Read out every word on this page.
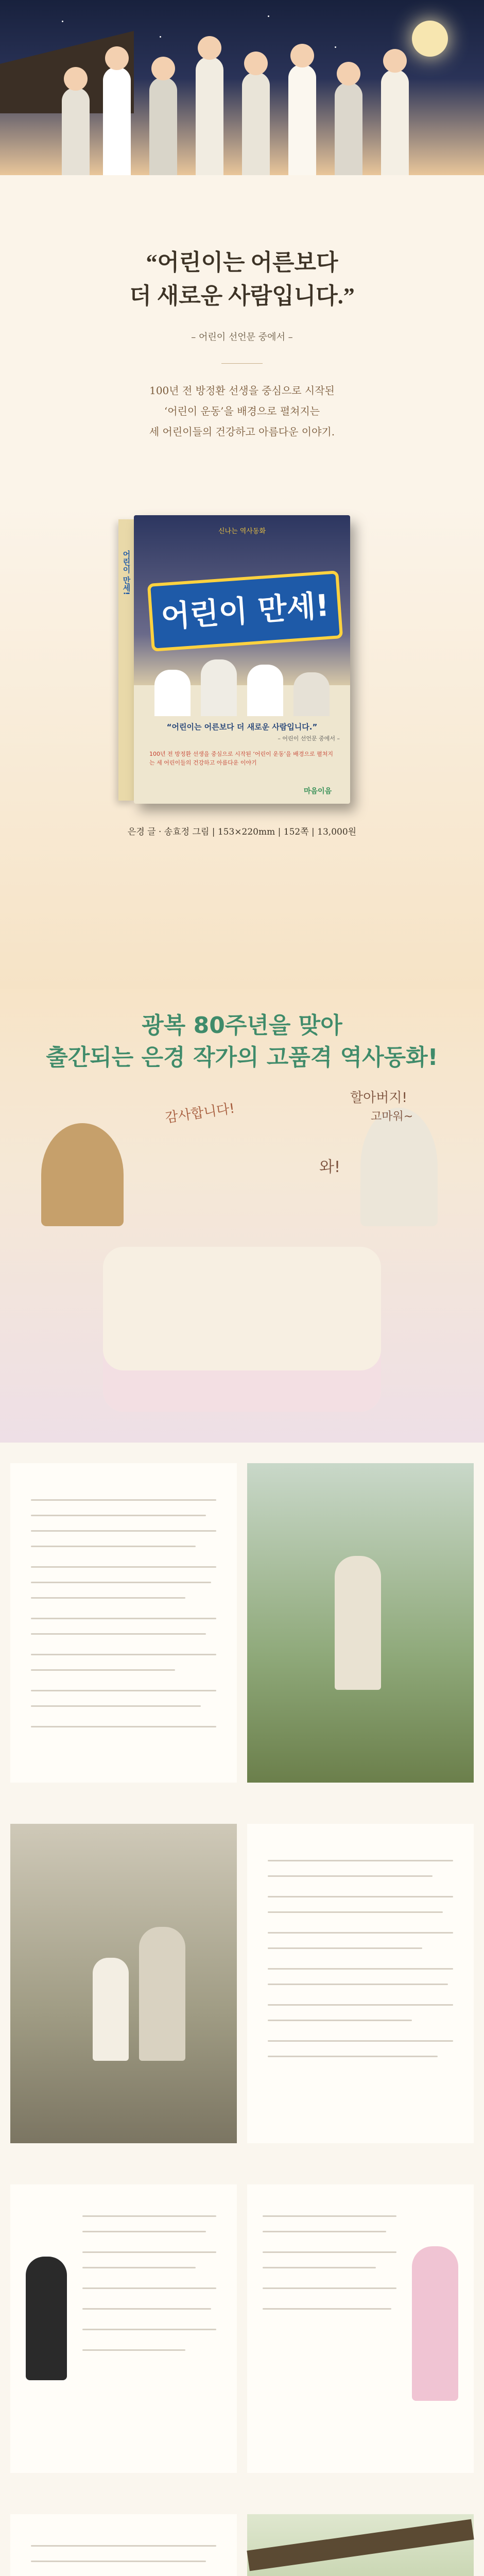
“어린이는 어른보다
더 새로운 사람입니다.”
– 어린이 선언문 중에서 –
100년 전 방정환 선생을 중심으로 시작된
‘어린이 운동’을 배경으로 펼쳐지는
세 어린이들의 건강하고 아름다운 이야기.
어린이 만세!
신나는 역사동화
어린이 만세!
“어린이는 어른보다 더 새로운 사람입니다.”
– 어린이 선언문 중에서 –
100년 전 방정환 선생을 중심으로 시작된 ‘어린이 운동’을 배경으로 펼쳐지는 세 어린이들의 건강하고 아름다운 이야기
마음이음
은경 글 · 송효정 그림 | 153×220mm | 152쪽 | 13,000원
광복 80주년을 맞아
출간되는 은경 작가의 고품격 역사동화!
감사합니다!
할아버지!
고마워~
와!
